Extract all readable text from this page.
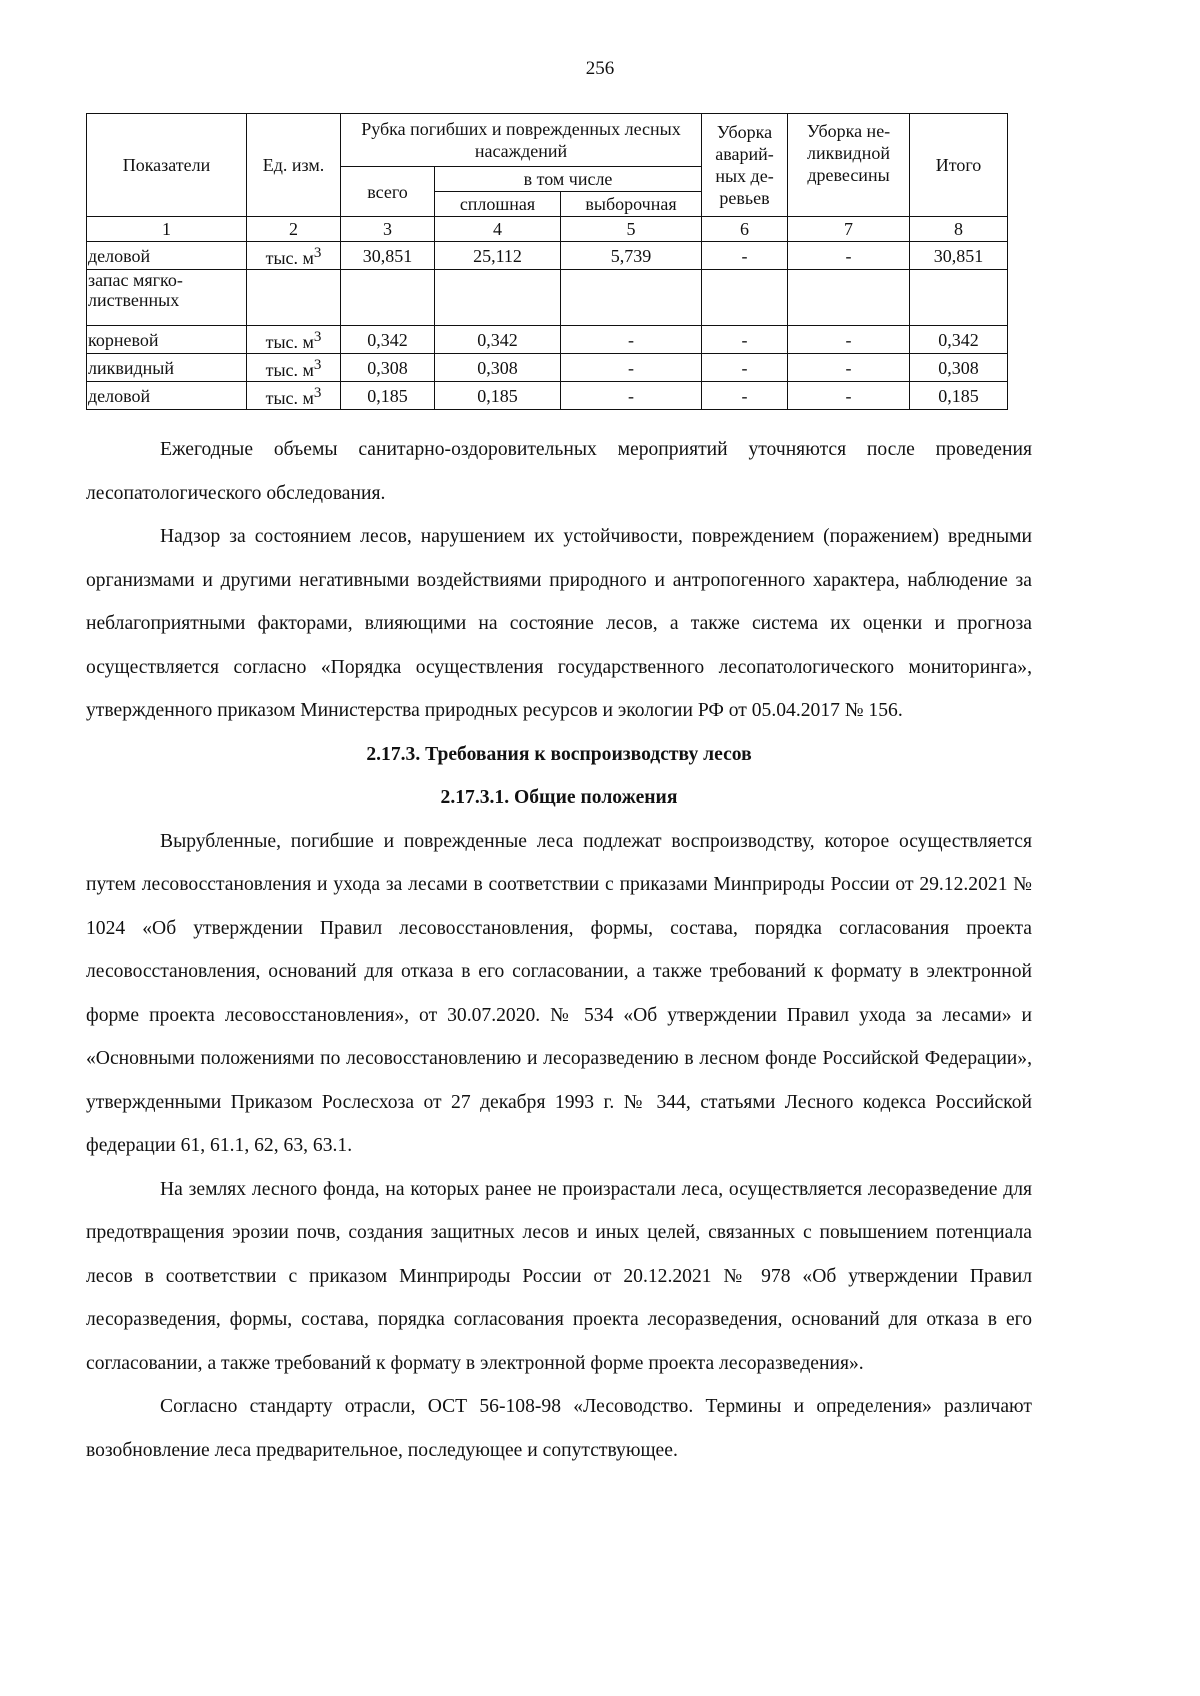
256
Показатели	Ед. изм.	Рубка погибших и поврежденных лесных насаждений			Уборка аварий-ных де-ревьев	Уборка не-ликвидной древесины	Итого
		всего	в том числе				
			сплошная	выборочная			
1	2	3	4	5	6	7	8
деловой	тыс. $м^3$	30,851	25,112	5,739	-	-	30,851
запас мягко-лиственных							
корневой	тыс. $м^3$	0,342	0,342	-	-	-	0,342
ликвидный	тыс. $м^3$	0,308	0,308	-	-	-	0,308
деловой	тыс. $м^3$	0,185	0,185	-	-	-	0,185

Ежегодные объемы санитарно-оздоровительных мероприятий уточняются после проведения лесопатологического обследования.

Надзор за состоянием лесов, нарушением их устойчивости, повреждением (поражением) вредными организмами и другими негативными воздействиями природного и антропогенного характера, наблюдение за неблагоприятными факторами, влияющими на состояние лесов, а также система их оценки и прогноза осуществляется согласно «Порядка осуществления государственного лесопатологического мониторинга», утвержденного приказом Министерства природных ресурсов и экологии РФ от 05.04.2017 № 156.

2.17.3. Требования к воспроизводству лесов
2.17.3.1. Общие положения

Вырубленные, погибшие и поврежденные леса подлежат воспроизводству, которое осуществляется путем лесовосстановления и ухода за лесами в соответствии с приказами Минприроды России от 29.12.2021 № 1024 «Об утверждении Правил лесовосстановления, формы, состава, порядка согласования проекта лесовосстановления, оснований для отказа в его согласовании, а также требований к формату в электронной форме проекта лесовосстановления», от 30.07.2020. № 534 «Об утверждении Правил ухода за лесами» и «Основными положениями по лесовосстановлению и лесоразведению в лесном фонде Российской Федерации», утвержденными Приказом Рослесхоза от 27 декабря 1993 г. № 344, статьями Лесного кодекса Российской федерации 61, 61.1, 62, 63, 63.1.

На землях лесного фонда, на которых ранее не произрастали леса, осуществляется лесоразведение для предотвращения эрозии почв, создания защитных лесов и иных целей, связанных с повышением потенциала лесов в соответствии с приказом Минприроды России от 20.12.2021 № 978 «Об утверждении Правил лесоразведения, формы, состава, порядка согласования проекта лесоразведения, оснований для отказа в его согласовании, а также требований к формату в электронной форме проекта лесоразведения».

Согласно стандарту отрасли, ОСТ 56-108-98 «Лесоводство. Термины и определения» различают возобновление леса предварительное, последующее и сопутствующее.
